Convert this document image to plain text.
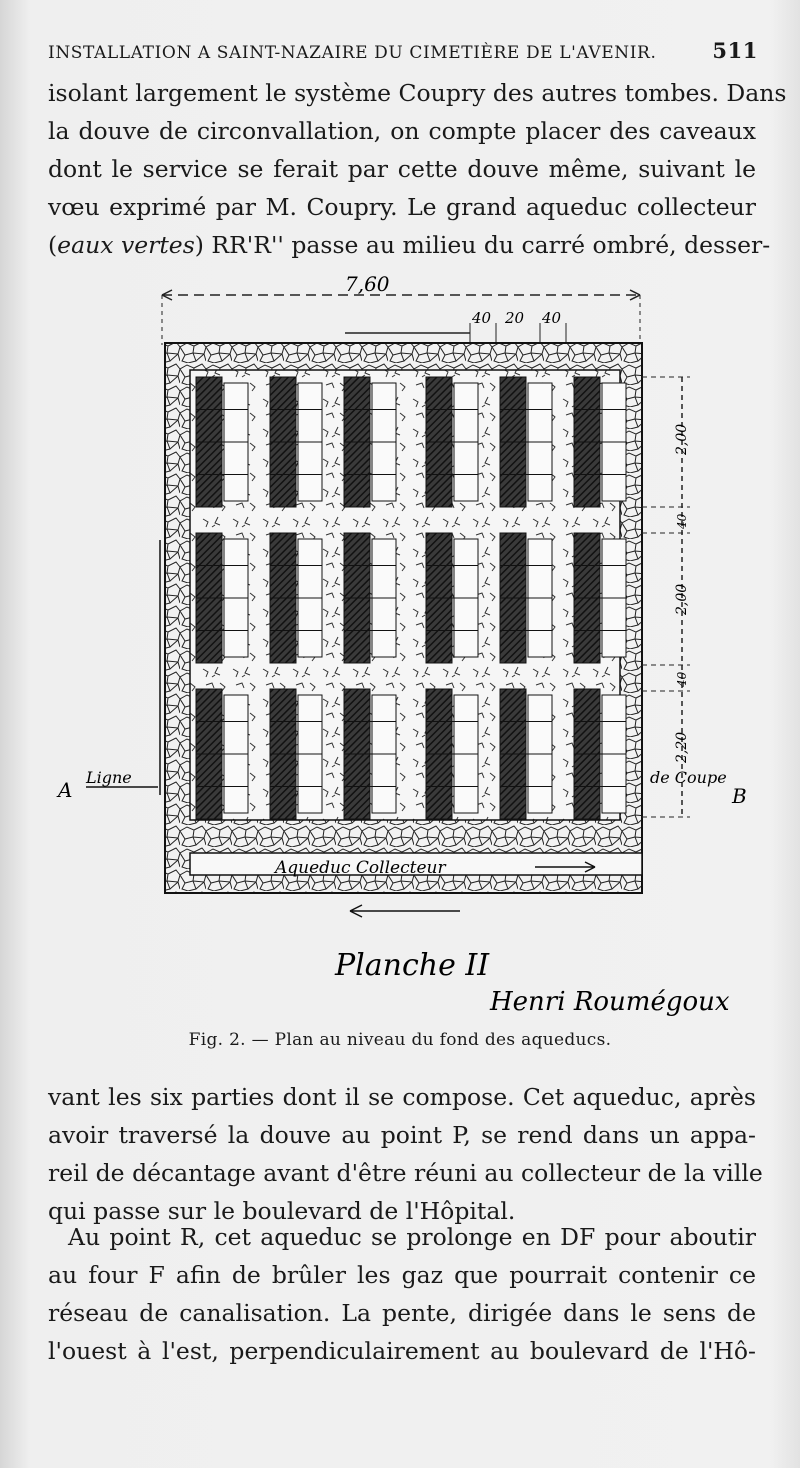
INSTALLATION A SAINT-NAZAIRE DU CIMETIÈRE DE L'AVENIR.	511
isolant largement le système Coupry des autres tombes. Dans
la douve de circonvallation, on compte placer des caveaux
dont le service se ferait par cette douve même, suivant le
vœu exprimé par M. Coupry. Le grand aqueduc collecteur
(eaux vertes) RR'R'' passe au milieu du carré ombré, desser-
7,60
40 20 40
Aqueduc Collecteur
2,00
40
2,00
40
2,20
A
Ligne	de Coupe
B
Planche II
Henri Roumégoux
Fig. 2. — Plan au niveau du fond des aqueducs.
vant les six parties dont il se compose. Cet aqueduc, après
avoir traversé la douve au point P, se rend dans un appa-
reil de décantage avant d'être réuni au collecteur de la ville
qui passe sur le boulevard de l'Hôpital.
Au point R, cet aqueduc se prolonge en DF pour aboutir
au four F afin de brûler les gaz que pourrait contenir ce
réseau de canalisation. La pente, dirigée dans le sens de
l'ouest à l'est, perpendiculairement au boulevard de l'Hô-
